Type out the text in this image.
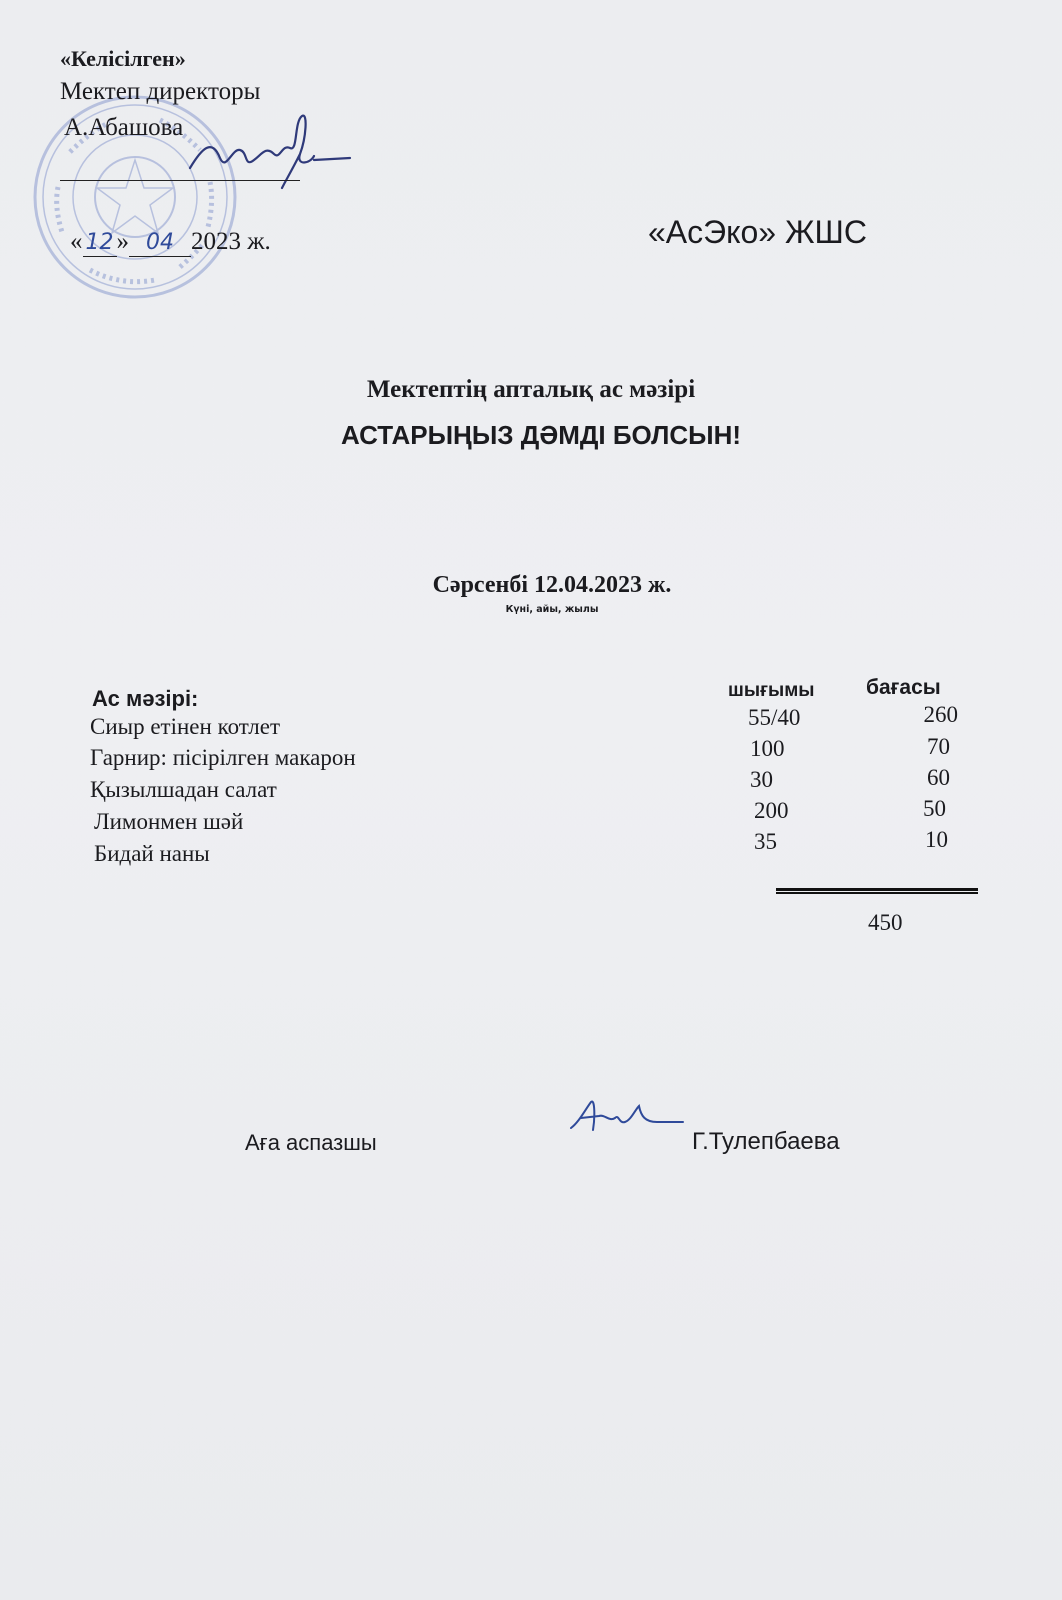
«Келісілген»
Мектеп директоры
А.Абашова
« 12 » 04 2023 ж.	«АсЭко» ЖШС
Мектептің апталық ас мәзірі
АСТАРЫҢЫЗ ДӘМДІ БОЛСЫН!
Сәрсенбі 12.04.2023 ж.
Күні, айы, жылы
Ас мәзірі:	шығымы бағасы
Сиыр етінен котлет	55/40	260
Гарнир: пісірілген макарон	100	70
Қызылшадан салат	30	60
Лимонмен шәй	200	50
Бидай наны	35	10
450
Аға аспазшы	Г.Тулепбаева
